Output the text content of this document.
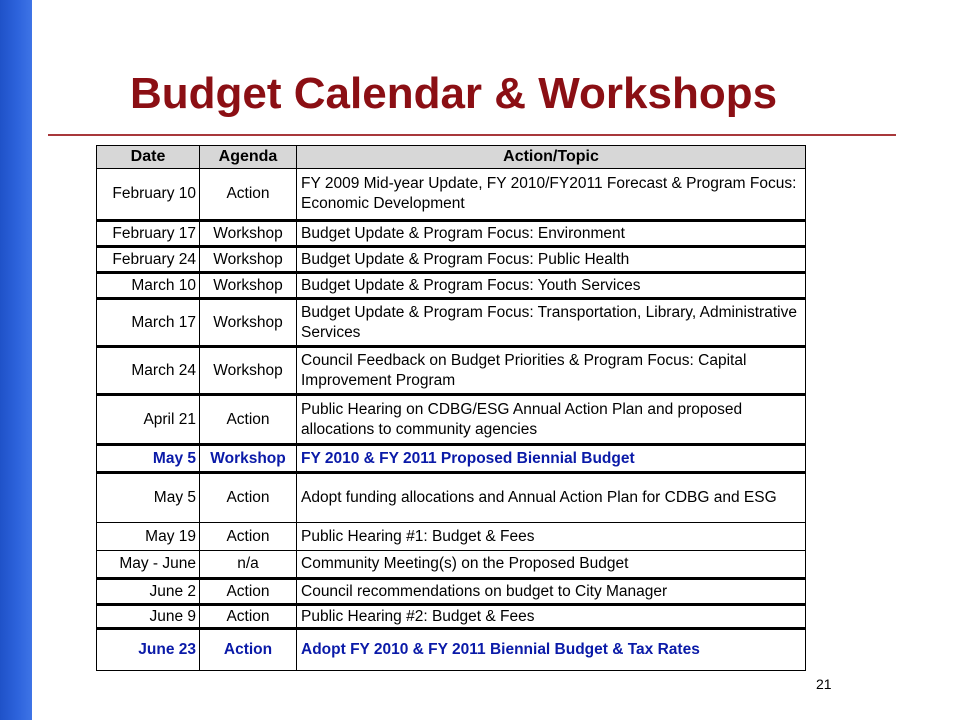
Budget Calendar & Workshops
Date	Agenda	Action/Topic
February 10	Action	FY 2009 Mid-year Update, FY 2010/FY2011 Forecast & Program Focus: Economic Development
February 17	Workshop	Budget Update & Program Focus: Environment
February 24	Workshop	Budget Update & Program Focus: Public Health
March 10	Workshop	Budget Update & Program Focus: Youth Services
March 17	Workshop	Budget Update & Program Focus: Transportation, Library, Administrative Services
March 24	Workshop	Council Feedback on Budget Priorities & Program Focus: Capital Improvement Program
April 21	Action	Public Hearing on CDBG/ESG Annual Action Plan and proposed allocations to community agencies
May 5	Workshop	FY 2010 & FY 2011 Proposed Biennial Budget
May 5	Action	Adopt funding allocations and Annual Action Plan for CDBG and ESG
May 19	Action	Public Hearing #1: Budget & Fees
May - June	n/a	Community Meeting(s) on the Proposed Budget
June 2	Action	Council recommendations on budget to City Manager
June 9	Action	Public Hearing #2: Budget & Fees
June 23	Action	Adopt FY 2010 & FY 2011 Biennial Budget & Tax Rates
21
